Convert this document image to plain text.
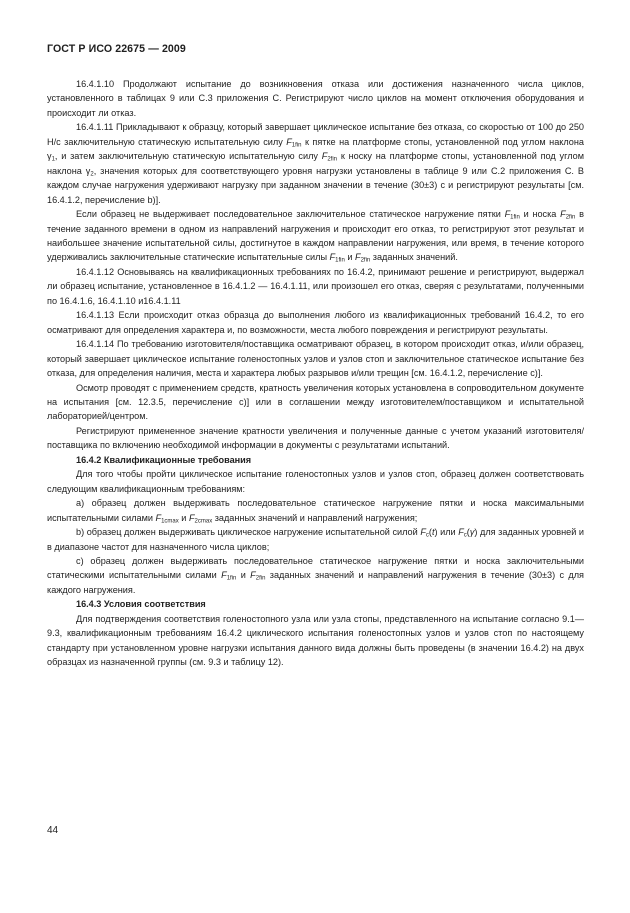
ГОСТ Р ИСО 22675 — 2009

16.4.1.10 Продолжают испытание до возникновения отказа или достижения назначенного числа циклов, установленного в таблицах 9 или С.3 приложения С. Регистрируют число циклов на момент отключения оборудования и происходит ли отказ.

16.4.1.11 Прикладывают к образцу, который завершает циклическое испытание без отказа, со скоростью от 100 до 250 Н/с заключительную статическую испытательную силу $F_{1fin}$ к пятке на платформе стопы, установленной под углом наклона $\gamma_1$, и затем заключительную статическую испытательную силу $F_{2fin}$ к носку на платформе стопы, установленной под углом наклона $\gamma_2$, значения которых для соответствующего уровня нагрузки установлены в таблице 9 или С.2 приложения С. В каждом случае нагружения удерживают нагрузку при заданном значении в течение (30±3) с и регистрируют результаты [см. 16.4.1.2, перечисление b)].

Если образец не выдерживает последовательное заключительное статическое нагружение пятки $F_{1fin}$ и носка $F_{2fin}$ в течение заданного времени в одном из направлений нагружения и происходит его отказ, то регистрируют этот результат и наибольшее значение испытательной силы, достигнутое в каждом направлении нагружения, или время, в течение которого удерживались заключительные статические испытательные силы $F_{1fin}$ и $F_{2fin}$ заданных значений.

16.4.1.12 Основываясь на квалификационных требованиях по 16.4.2, принимают решение и регистрируют, выдержал ли образец испытание, установленное в 16.4.1.2 — 16.4.1.11, или произошел его отказ, сверяя с результатами, полученными по 16.4.1.6, 16.4.1.10 и16.4.1.11

16.4.1.13 Если происходит отказ образца до выполнения любого из квалификационных требований 16.4.2, то его осматривают для определения характера и, по возможности, места любого повреждения и регистрируют результаты.

16.4.1.14 По требованию изготовителя/поставщика осматривают образец, в котором происходит отказ, и/или образец, который завершает циклическое испытание голеностопных узлов и узлов стоп и заключительное статическое испытание без отказа, для определения наличия, места и характера любых разрывов и/или трещин [см. 16.4.1.2, перечисление с)].

Осмотр проводят с применением средств, кратность увеличения которых установлена в сопроводительном документе на испытания [см. 12.3.5, перечисление с)] или в соглашении между изготовителем/поставщиком и испытательной лабораторией/центром.

Регистрируют примененное значение кратности увеличения и полученные данные с учетом указаний изготовителя/поставщика по включению необходимой информации в документы с результатами испытаний.

16.4.2 Квалификационные требования

Для того чтобы пройти циклическое испытание голеностопных узлов и узлов стоп, образец должен соответствовать следующим квалификационным требованиям:

a) образец должен выдерживать последовательное статическое нагружение пятки и носка максимальными испытательными силами $F_{1cmax}$ и $F_{2cmax}$ заданных значений и направлений нагружения;

b) образец должен выдерживать циклическое нагружение испытательной силой $F_c(t)$ или $F_c(\gamma)$ для заданных уровней и в диапазоне частот для назначенного числа циклов;

c) образец должен выдерживать последовательное статическое нагружение пятки и носка заключительными статическими испытательными силами $F_{1fin}$ и $F_{2fin}$ заданных значений и направлений нагружения в течение (30±3) с для каждого нагружения.

16.4.3 Условия соответствия

Для подтверждения соответствия голеностопного узла или узла стопы, представленного на испытание согласно 9.1—9.3, квалификационным требованиям 16.4.2 циклического испытания голеностопных узлов и узлов стоп по настоящему стандарту при установленном уровне нагрузки испытания данного вида должны быть проведены (в значении 16.4.2) на двух образцах из назначенной группы (см. 9.3 и таблицу 12).

44
